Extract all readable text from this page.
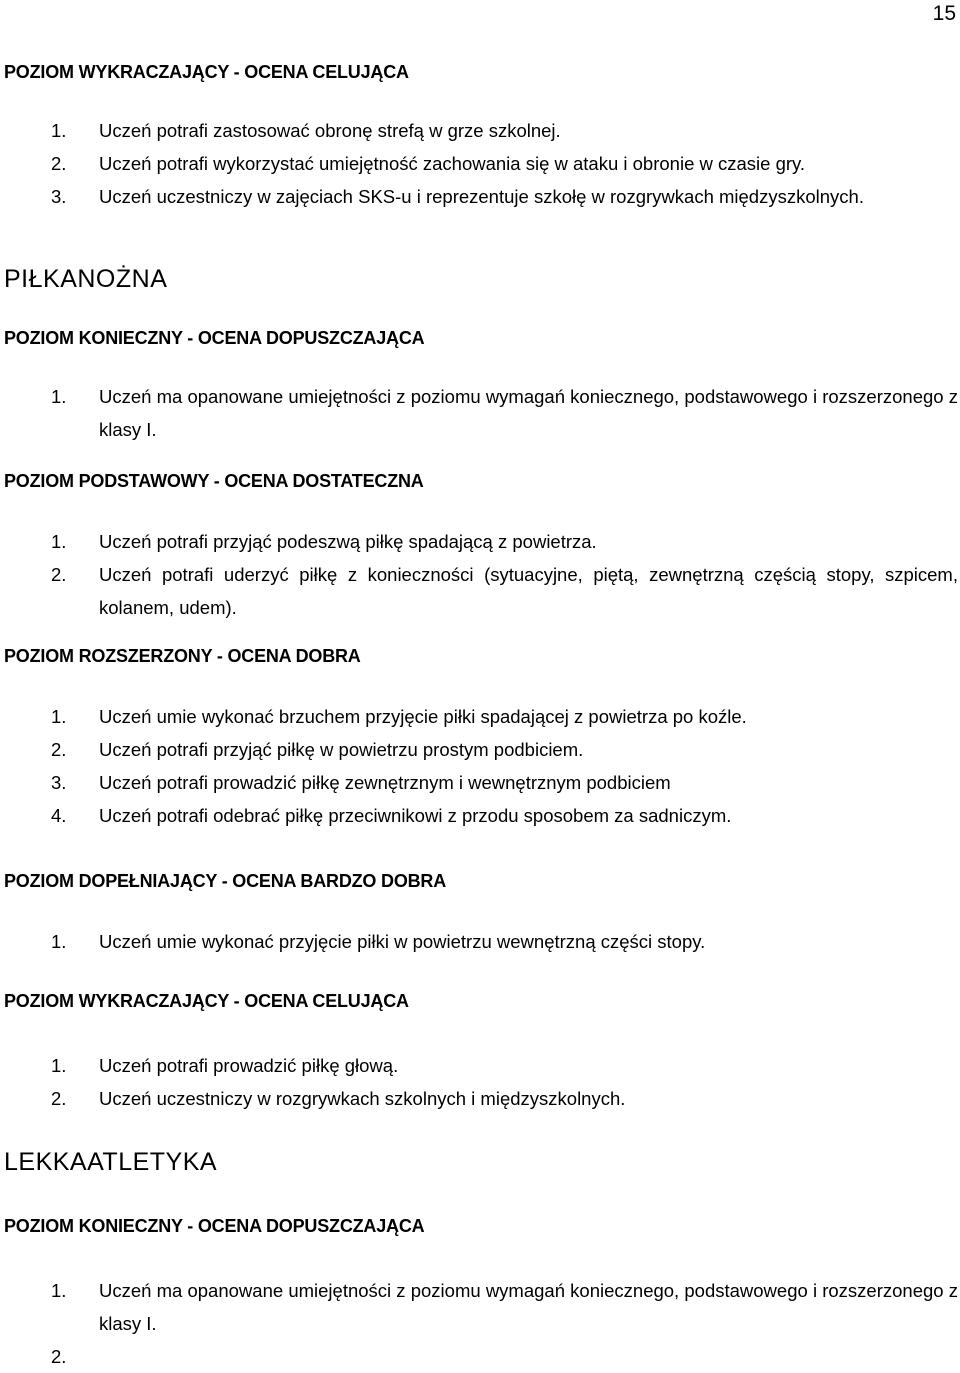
15
POZIOM WYKRACZAJĄCY - OCENA CELUJĄCA
1.	Uczeń potrafi zastosować obronę strefą w grze szkolnej.
2.	Uczeń potrafi wykorzystać umiejętność zachowania się w ataku i obronie w czasie gry.
3.	Uczeń uczestniczy w zajęciach SKS-u i reprezentuje szkołę w rozgrywkach międzyszkolnych.
PIŁKANOŻNA
POZIOM KONIECZNY - OCENA DOPUSZCZAJĄCA
1.	Uczeń ma opanowane umiejętności z poziomu wymagań koniecznego, podstawowego i rozszerzonego z klasy I.
POZIOM PODSTAWOWY - OCENA DOSTATECZNA
1.	Uczeń potrafi przyjąć podeszwą piłkę spadającą z powietrza.
2.	Uczeń potrafi uderzyć piłkę z konieczności (sytuacyjne, piętą, zewnętrzną częścią stopy, szpicem, kolanem, udem).
POZIOM ROZSZERZONY - OCENA DOBRA
1.	Uczeń umie wykonać brzuchem przyjęcie piłki spadającej z powietrza po koźle.
2.	Uczeń potrafi przyjąć piłkę w powietrzu prostym podbiciem.
3.	Uczeń potrafi prowadzić piłkę zewnętrznym i wewnętrznym podbiciem
4.	Uczeń potrafi odebrać piłkę przeciwnikowi z przodu sposobem za sadniczym.
POZIOM DOPEŁNIAJĄCY - OCENA BARDZO DOBRA
1.	Uczeń umie wykonać przyjęcie piłki w powietrzu wewnętrzną części stopy.
POZIOM WYKRACZAJĄCY - OCENA CELUJĄCA
1.	Uczeń potrafi prowadzić piłkę głową.
2.	Uczeń uczestniczy w rozgrywkach szkolnych i międzyszkolnych.
LEKKAATLETYKA
POZIOM KONIECZNY - OCENA DOPUSZCZAJĄCA
1.	Uczeń ma opanowane umiejętności z poziomu wymagań koniecznego, podstawowego i rozszerzonego z klasy I.
2.
